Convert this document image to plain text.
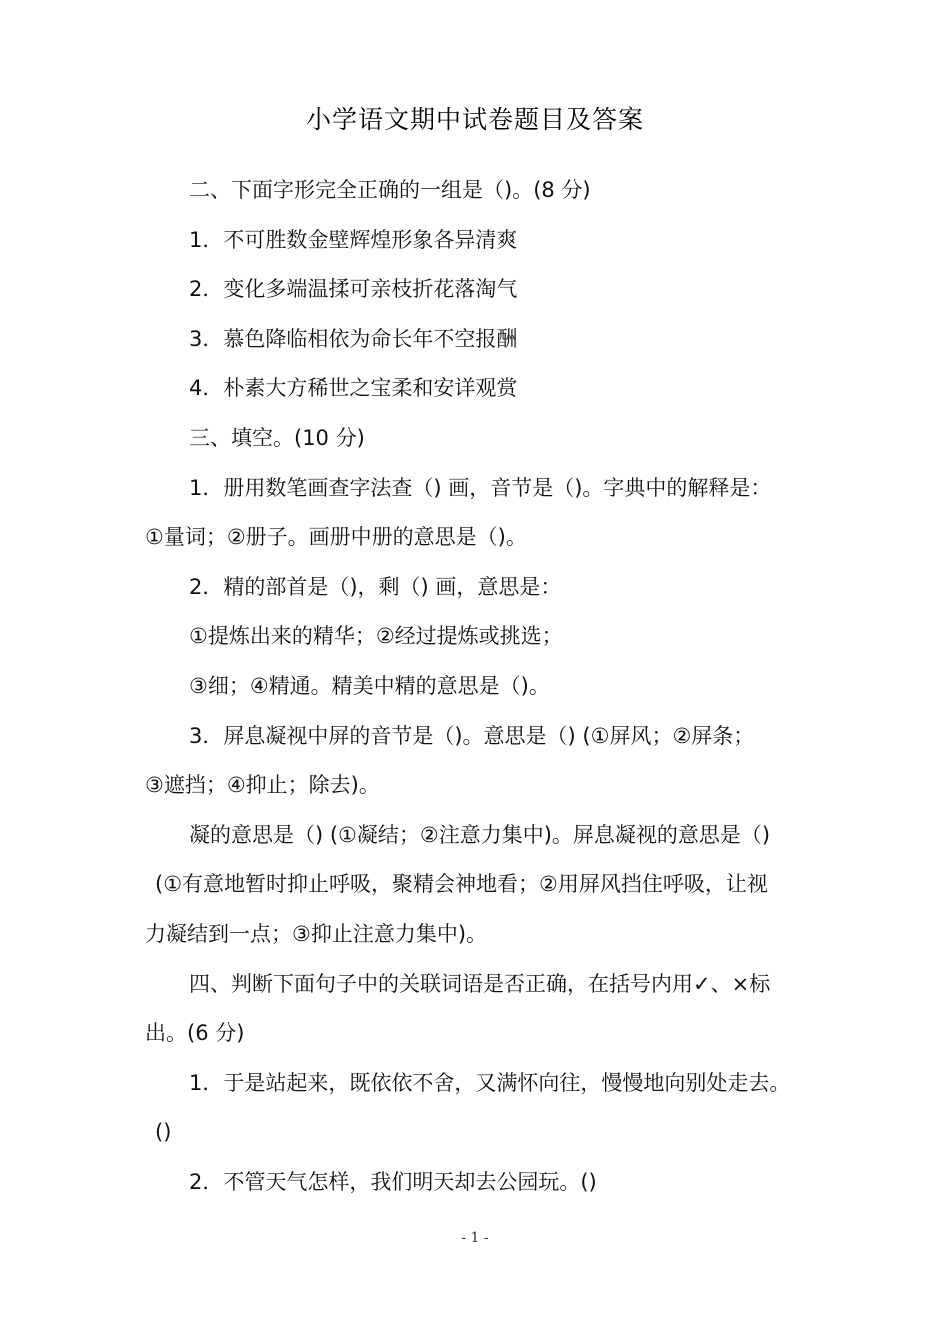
小学语文期中试卷题目及答案
二、下面字形完全正确的一组是（)。(8 分)
1．不可胜数金壁辉煌形象各异清爽
2．变化多端温揉可亲枝折花落淘气
3．慕色降临相依为命长年不空报酬
4．朴素大方稀世之宝柔和安详观赏
三、填空。(10 分)
1．册用数笔画查字法查（) 画，音节是（)。字典中的解释是：
①量词；②册子。画册中册的意思是（)。
2．精的部首是（)，剩（) 画，意思是：
①提炼出来的精华；②经过提炼或挑选；
③细；④精通。精美中精的意思是（)。
3．屏息凝视中屏的音节是（)。意思是（) (①屏风；②屏条；
③遮挡；④抑止；除去)。
凝的意思是（) (①凝结；②注意力集中)。屏息凝视的意思是（)
(①有意地暂时抑止呼吸，聚精会神地看；②用屏风挡住呼吸，让视
力凝结到一点；③抑止注意力集中)。
四、判断下面句子中的关联词语是否正确，在括号内用✓、×标
出。(6 分)
1．于是站起来，既依依不舍，又满怀向往，慢慢地向别处走去。
()
2．不管天气怎样，我们明天却去公园玩。()
- 1 -
